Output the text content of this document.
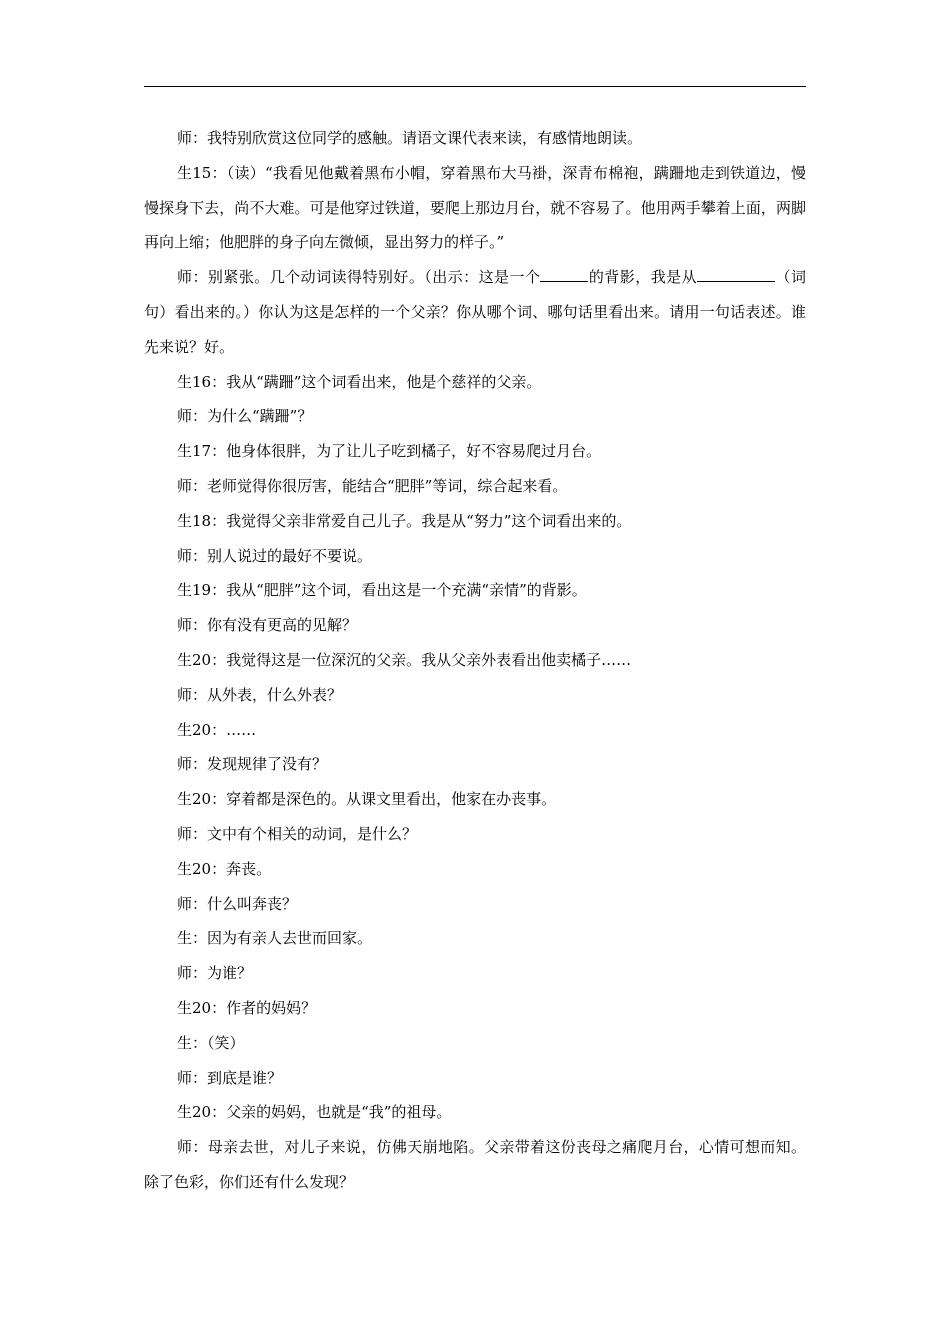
师：我特别欣赏这位同学的感触。请语文课代表来读，有感情地朗读。

生15：（读）“我看见他戴着黑布小帽，穿着黑布大马褂，深青布棉袍，蹒跚地走到铁道边，慢慢探身下去，尚不大难。可是他穿过铁道，要爬上那边月台，就不容易了。他用两手攀着上面，两脚再向上缩；他肥胖的身子向左微倾，显出努力的样子。”

师：别紧张。几个动词读得特别好。（出示：这是一个	的背影，我是从	（词句）看出来的。）你认为这是怎样的一个父亲？你从哪个词、哪句话里看出来。请用一句话表述。谁先来说？好。

生16：我从“蹒跚”这个词看出来，他是个慈祥的父亲。

师：为什么“蹒跚”？

生17：他身体很胖，为了让儿子吃到橘子，好不容易爬过月台。

师：老师觉得你很厉害，能结合“肥胖”等词，综合起来看。

生18：我觉得父亲非常爱自己儿子。我是从“努力”这个词看出来的。

师：别人说过的最好不要说。

生19：我从“肥胖”这个词，看出这是一个充满“亲情”的背影。

师：你有没有更高的见解？

生20：我觉得这是一位深沉的父亲。我从父亲外表看出他卖橘子……

师：从外表，什么外表？

生20：……

师：发现规律了没有？

生20：穿着都是深色的。从课文里看出，他家在办丧事。

师：文中有个相关的动词，是什么？

生20：奔丧。

师：什么叫奔丧？

生：因为有亲人去世而回家。

师：为谁？

生20：作者的妈妈？

生：（笑）

师：到底是谁？

生20：父亲的妈妈，也就是“我”的祖母。

师：母亲去世，对儿子来说，仿佛天崩地陷。父亲带着这份丧母之痛爬月台，心情可想而知。除了色彩，你们还有什么发现？
